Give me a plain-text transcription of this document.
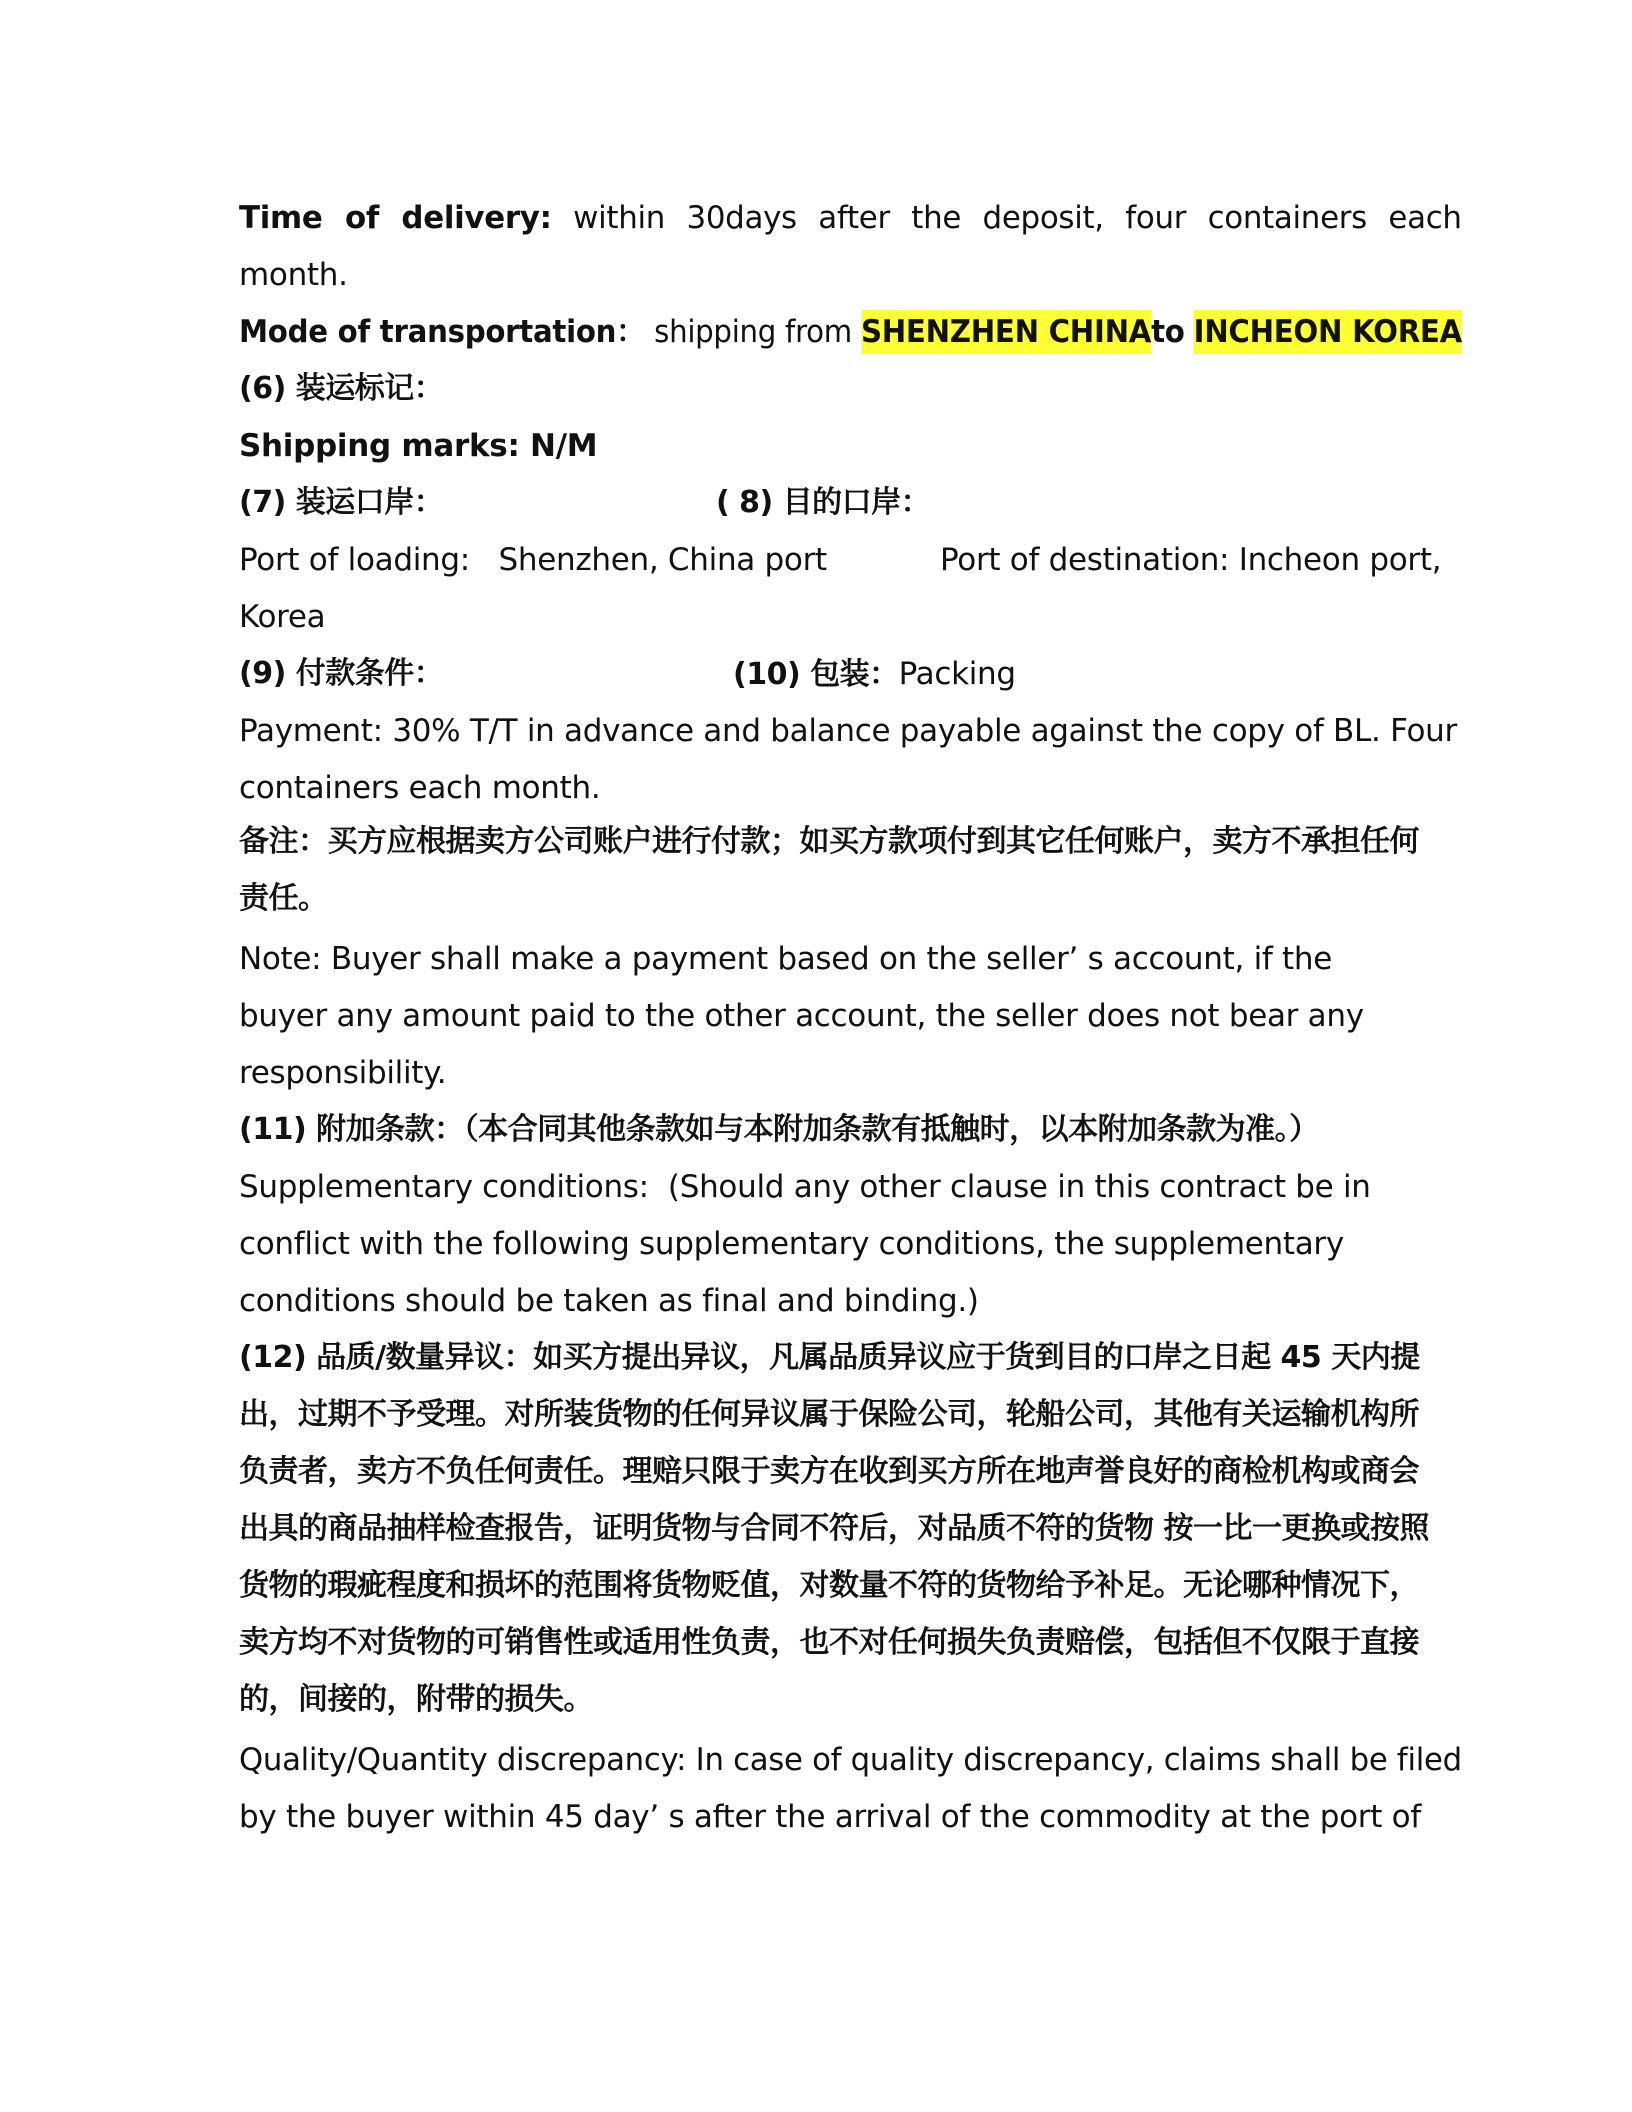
Time of delivery: within 30days after the deposit, four containers each
month.
Mode of transportation： shipping from SHENZHEN CHINAto INCHEON KOREA
(6) 装运标记：
Shipping marks: N/M
(7) 装运口岸：	( 8) 目的口岸：
Port of loading:   Shenzhen, China port	Port of destination: Incheon port,
Korea
(9) 付款条件：	(10) 包装：Packing
Payment: 30% T/T in advance and balance payable against the copy of BL. Four
containers each month.
备注：买方应根据卖方公司账户进行付款；如买方款项付到其它任何账户，卖方不承担任何
责任。
Note: Buyer shall make a payment based on the seller’ s account, if the
buyer any amount paid to the other account, the seller does not bear any
responsibility.
(11) 附加条款：（本合同其他条款如与本附加条款有抵触时，以本附加条款为准。）
Supplementary conditions:  (Should any other clause in this contract be in
conflict with the following supplementary conditions, the supplementary
conditions should be taken as final and binding.)
(12) 品质/数量异议：如买方提出异议，凡属品质异议应于货到目的口岸之日起 45 天内提
出，过期不予受理。对所装货物的任何异议属于保险公司，轮船公司，其他有关运输机构所
负责者，卖方不负任何责任。理赔只限于卖方在收到买方所在地声誉良好的商检机构或商会
出具的商品抽样检查报告，证明货物与合同不符后，对品质不符的货物 按一比一更换或按照
货物的瑕疵程度和损坏的范围将货物贬值，对数量不符的货物给予补足。无论哪种情况下，
卖方均不对货物的可销售性或适用性负责，也不对任何损失负责赔偿，包括但不仅限于直接
的，间接的，附带的损失。
Quality/Quantity discrepancy: In case of quality discrepancy, claims shall be filed
by the buyer within 45 day’ s after the arrival of the commodity at the port of
